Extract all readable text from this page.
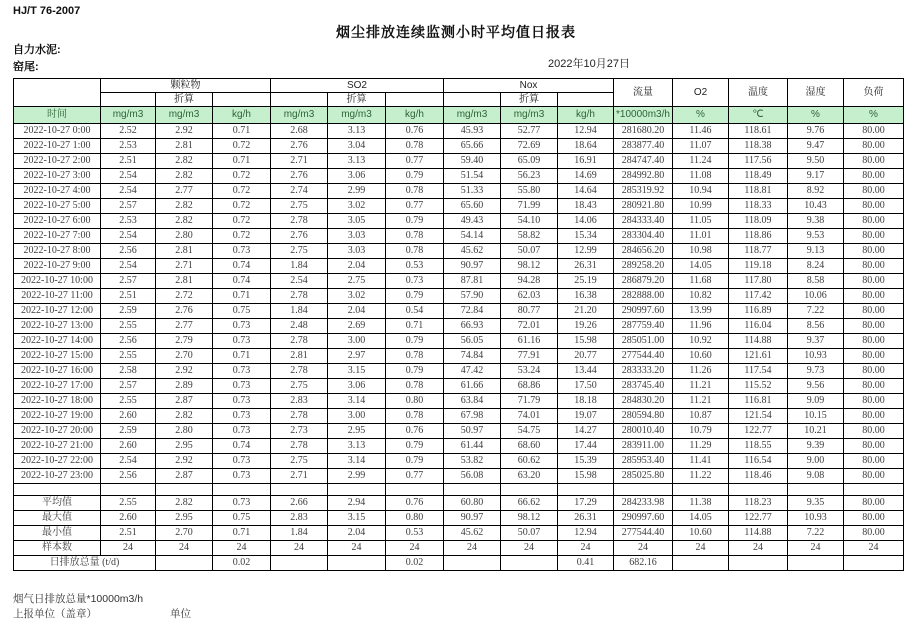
HJ/T 76-2007
烟尘排放连续监测小时平均值日报表
自力水泥:
窑尾:	2022年10月27日
	颗粒物			SO2			Nox			流量	O2	温度	湿度	负荷
		折算			折算			折算						
时间	mg/m3	mg/m3	kg/h	mg/m3	mg/m3	kg/h	mg/m3	mg/m3	kg/h	*10000m3/h	%	℃	%	%
2022-10-27 0:00	2.52	2.92	0.71	2.68	3.13	0.76	45.93	52.77	12.94	281680.20	11.46	118.61	9.76	80.00
2022-10-27 1:00	2.53	2.81	0.72	2.76	3.04	0.78	65.66	72.69	18.64	283877.40	11.07	118.38	9.47	80.00
2022-10-27 2:00	2.51	2.82	0.71	2.71	3.13	0.77	59.40	65.09	16.91	284747.40	11.24	117.56	9.50	80.00
2022-10-27 3:00	2.54	2.82	0.72	2.76	3.06	0.79	51.54	56.23	14.69	284992.80	11.08	118.49	9.17	80.00
2022-10-27 4:00	2.54	2.77	0.72	2.74	2.99	0.78	51.33	55.80	14.64	285319.92	10.94	118.81	8.92	80.00
2022-10-27 5:00	2.57	2.82	0.72	2.75	3.02	0.77	65.60	71.99	18.43	280921.80	10.99	118.33	10.43	80.00
2022-10-27 6:00	2.53	2.82	0.72	2.78	3.05	0.79	49.43	54.10	14.06	284333.40	11.05	118.09	9.38	80.00
2022-10-27 7:00	2.54	2.80	0.72	2.76	3.03	0.78	54.14	58.82	15.34	283304.40	11.01	118.86	9.53	80.00
2022-10-27 8:00	2.56	2.81	0.73	2.75	3.03	0.78	45.62	50.07	12.99	284656.20	10.98	118.77	9.13	80.00
2022-10-27 9:00	2.54	2.71	0.74	1.84	2.04	0.53	90.97	98.12	26.31	289258.20	14.05	119.18	8.24	80.00
2022-10-27 10:00	2.57	2.81	0.74	2.54	2.75	0.73	87.81	94.28	25.19	286879.20	11.68	117.80	8.58	80.00
2022-10-27 11:00	2.51	2.72	0.71	2.78	3.02	0.79	57.90	62.03	16.38	282888.00	10.82	117.42	10.06	80.00
2022-10-27 12:00	2.59	2.76	0.75	1.84	2.04	0.54	72.84	80.77	21.20	290997.60	13.99	116.89	7.22	80.00
2022-10-27 13:00	2.55	2.77	0.73	2.48	2.69	0.71	66.93	72.01	19.26	287759.40	11.96	116.04	8.56	80.00
2022-10-27 14:00	2.56	2.79	0.73	2.78	3.00	0.79	56.05	61.16	15.98	285051.00	10.92	114.88	9.37	80.00
2022-10-27 15:00	2.55	2.70	0.71	2.81	2.97	0.78	74.84	77.91	20.77	277544.40	10.60	121.61	10.93	80.00
2022-10-27 16:00	2.58	2.92	0.73	2.78	3.15	0.79	47.42	53.24	13.44	283333.20	11.26	117.54	9.73	80.00
2022-10-27 17:00	2.57	2.89	0.73	2.75	3.06	0.78	61.66	68.86	17.50	283745.40	11.21	115.52	9.56	80.00
2022-10-27 18:00	2.55	2.87	0.73	2.83	3.14	0.80	63.84	71.79	18.18	284830.20	11.21	116.81	9.09	80.00
2022-10-27 19:00	2.60	2.82	0.73	2.78	3.00	0.78	67.98	74.01	19.07	280594.80	10.87	121.54	10.15	80.00
2022-10-27 20:00	2.59	2.80	0.73	2.73	2.95	0.76	50.97	54.75	14.27	280010.40	10.79	122.77	10.21	80.00
2022-10-27 21:00	2.60	2.95	0.74	2.78	3.13	0.79	61.44	68.60	17.44	283911.00	11.29	118.55	9.39	80.00
2022-10-27 22:00	2.54	2.92	0.73	2.75	3.14	0.79	53.82	60.62	15.39	285953.40	11.41	116.54	9.00	80.00
2022-10-27 23:00	2.56	2.87	0.73	2.71	2.99	0.77	56.08	63.20	15.98	285025.80	11.22	118.46	9.08	80.00

平均值	2.55	2.82	0.73	2.66	2.94	0.76	60.80	66.62	17.29	284233.98	11.38	118.23	9.35	80.00
最大值	2.60	2.95	0.75	2.83	3.15	0.80	90.97	98.12	26.31	290997.60	14.05	122.77	10.93	80.00
最小值	2.51	2.70	0.71	1.84	2.04	0.53	45.62	50.07	12.94	277544.40	10.60	114.88	7.22	80.00
样本数	24	24	24	24	24	24	24	24	24	24	24	24	24	24
日排放总量 (t/d)			0.02			0.02			0.41	682.16				
烟气日排放总量*10000m3/h
上报单位（盖章）	单位
